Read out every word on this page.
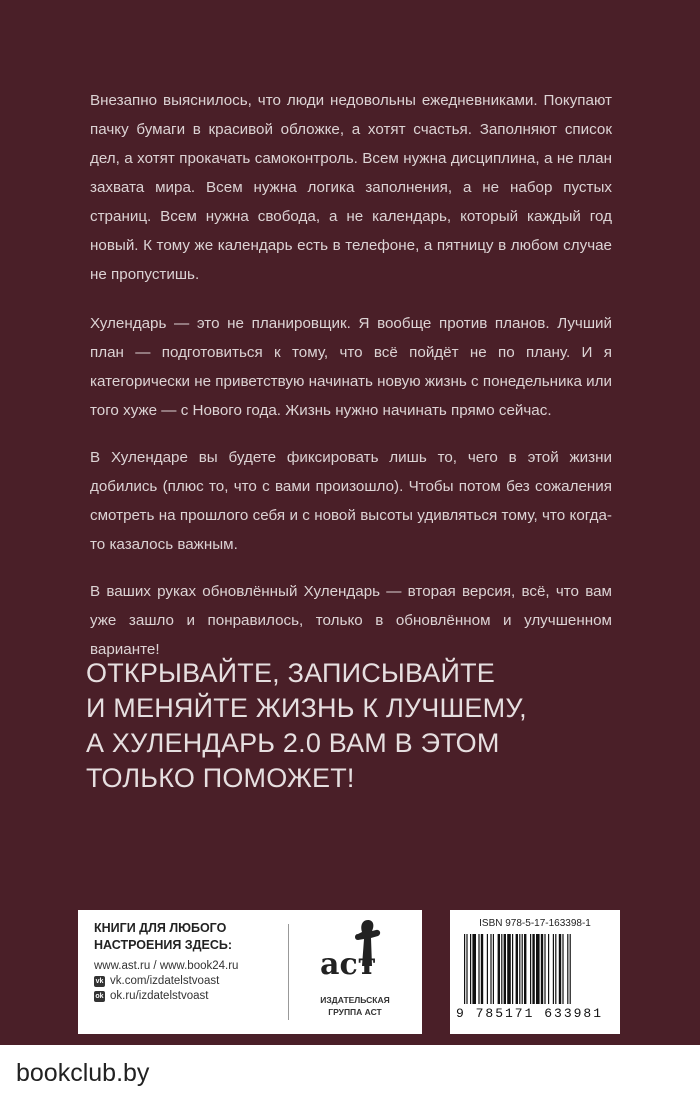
Внезапно выяснилось, что люди недовольны ежедневниками. Покупают пачку бумаги в красивой обложке, а хотят счастья. Заполняют список дел, а хотят прокачать самоконтроль. Всем нужна дисциплина, а не план захвата мира. Всем нужна логика заполнения, а не набор пустых страниц. Всем нужна свобода, а не календарь, который каждый год новый. К тому же календарь есть в телефоне, а пятницу в любом случае не пропустишь.

Хулендарь — это не планировщик. Я вообще против планов. Лучший план — подготовиться к тому, что всё пойдёт не по плану. И я категорически не приветствую начинать новую жизнь с понедельника или того хуже — с Нового года. Жизнь нужно начинать прямо сейчас.

В Хулендаре вы будете фиксировать лишь то, чего в этой жизни добились (плюс то, что с вами произошло). Чтобы потом без сожаления смотреть на прошлого себя и с новой высоты удивляться тому, что когда-то казалось важным.

В ваших руках обновлённый Хулендарь — вторая версия, всё, что вам уже зашло и понравилось, только в обновлённом и улучшенном варианте!

ОТКРЫВАЙТЕ, ЗАПИСЫВАЙТЕ
И МЕНЯЙТЕ ЖИЗНЬ К ЛУЧШЕМУ,
А ХУЛЕНДАРЬ 2.0 ВАМ В ЭТОМ
ТОЛЬКО ПОМОЖЕТ!

КНИГИ ДЛЯ ЛЮБОГО
НАСТРОЕНИЯ ЗДЕСЬ:

www.ast.ru / www.book24.ru
vk vk.com/izdatelstvoast
ok ok.ru/izdatelstvoast
аст
ИЗДАТЕЛЬСКАЯ
ГРУППА АСТ
ISBN 978-5-17-163398-1
9 785171 633981
bookclub.by
